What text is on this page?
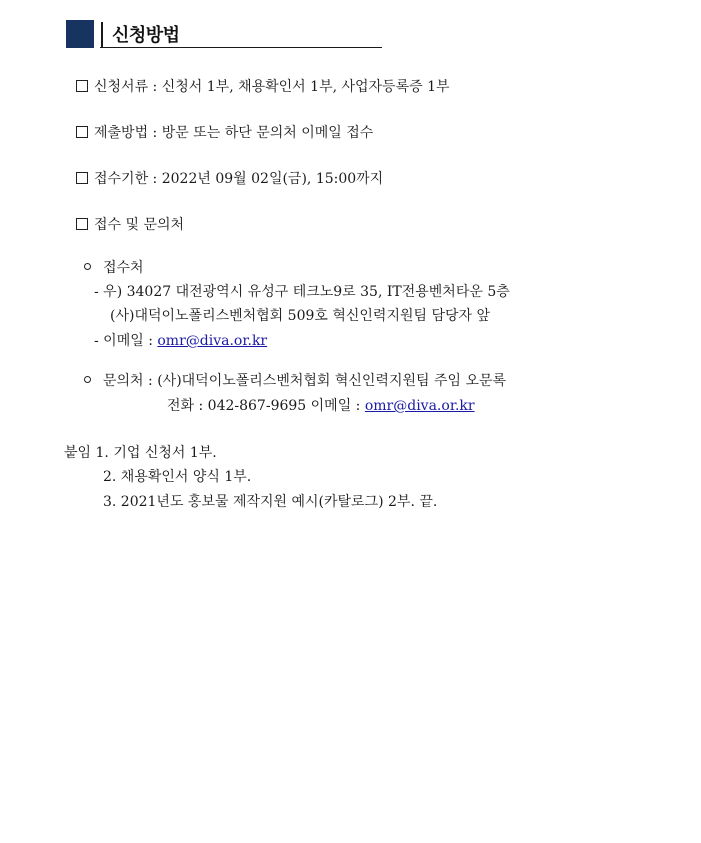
신청방법
신청서류 : 신청서 1부, 채용확인서 1부, 사업자등록증 1부
제출방법 : 방문 또는 하단 문의처 이메일 접수
접수기한 : 2022년 09월 02일(금), 15:00까지
접수 및 문의처
접수처
- 우) 34027 대전광역시 유성구 테크노9로 35, IT전용벤처타운 5층
(사)대덕이노폴리스벤처협회 509호 혁신인력지원팀 담당자 앞
- 이메일 : omr@diva.or.kr
문의처 : (사)대덕이노폴리스벤처협회 혁신인력지원팀 주임 오문록
전화 : 042-867-9695 이메일 : omr@diva.or.kr
붙임 1. 기업 신청서 1부.
2. 채용확인서 양식 1부.
3. 2021년도 홍보물 제작지원 예시(카탈로그) 2부. 끝.
